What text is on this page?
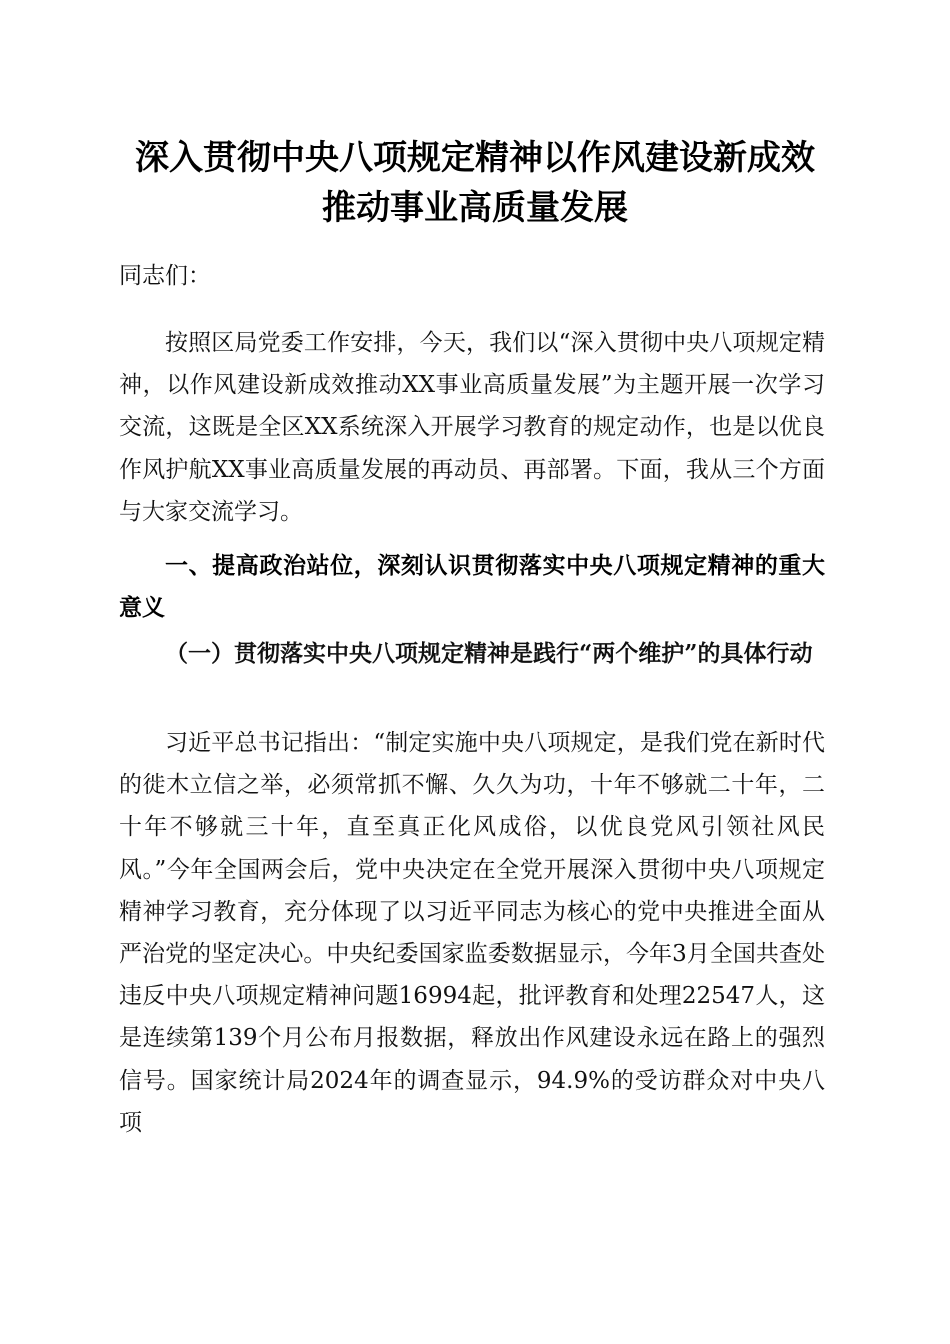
深入贯彻中央八项规定精神以作风建设新成效
推动事业高质量发展
同志们：

按照区局党委工作安排，今天，我们以“深入贯彻中央八项规定精神，以作风建设新成效推动XX事业高质量发展”为主题开展一次学习交流，这既是全区XX系统深入开展学习教育的规定动作，也是以优良作风护航XX事业高质量发展的再动员、再部署。下面，我从三个方面与大家交流学习。

一、提高政治站位，深刻认识贯彻落实中央八项规定精神的重大意义
（一）贯彻落实中央八项规定精神是践行“两个维护”的具体行动

习近平总书记指出：“制定实施中央八项规定，是我们党在新时代的徙木立信之举，必须常抓不懈、久久为功，十年不够就二十年，二十年不够就三十年，直至真正化风成俗，以优良党风引领社风民风。”今年全国两会后，党中央决定在全党开展深入贯彻中央八项规定精神学习教育，充分体现了以习近平同志为核心的党中央推进全面从严治党的坚定决心。中央纪委国家监委数据显示，今年3月全国共查处违反中央八项规定精神问题16994起，批评教育和处理22547人，这是连续第139个月公布月报数据，释放出作风建设永远在路上的强烈信号。国家统计局2024年的调查显示，94.9%的受访群众对中央八项
